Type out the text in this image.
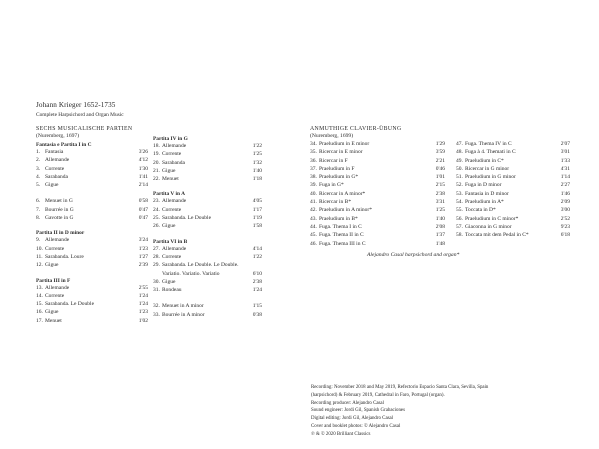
Johann Krieger 1652-1735
Complete Harpsichord and Organ Music
SECHS MUSICALISCHE PARTIEN
(Nuremberg, 1697)
Fantasia e Partita I in C
1. Fantasia	3'26
2. Allemande	4'12
3. Corrente	1'30
4. Sarabanda	1'41
5. Gigue	2'14
6. Menuet in G	0'58
7. Bourrée in G	0'47
8. Gavotte in G	0'47
Partita II in D minor
9. Allemande	3'24
10. Corrente	1'23
11. Sarabanda. Loure	1'27
12. Gigue	2'39
Partita III in F
13. Allemande	2'55
14. Corrente	1'24
15. Sarabanda. Le Double	1'24
16. Gigue	1'23
17. Menuet	1'02
Partita IV in G
18. Allemande	1'22
19. Corrente	1'25
20. Sarabanda	1'32
21. Gigue	1'40
22. Menuet	1'18
Partita V in A
23. Allemande	4'05
24. Corrente	1'17
25. Sarabanda. Le Double	1'19
26. Gigue	1'58
Partita VI in B
27. Allemande	4'14
28. Corrente	1'22
29. Sarabanda. Le Double. Le Double.
Variatio. Variatio. Variatio	6'10
30. Gigue	2'38
31. Rondeau	1'24
32. Menuet in A minor	1'15
33. Bourrée in A minor	0'38
ANMUTHIGE CLAVIER-ÜBUNG
(Nuremberg, 1699)
34. Praeludium in E minor	1'29
35. Ricercar in E minor	3'59
36. Ricercar in F	2'21
37. Praeludium in F	0'46
38. Praeludium in G*	1'01
39. Fuga in G*	2'15
40. Ricercar in A minor*	2'38
41. Ricercar in B*	3'31
42. Praeludium in A minor*	1'25
43. Praeludium in B*	1'40
44. Fuga. Thema I in C	2'08
45. Fuga. Thema II in C	1'37
46. Fuga. Thema III in C	1'48
47. Fuga. Thema IV in C	2'07
48. Fuga à 4. Themati in C	3'01
49. Praeludium in C*	1'33
50. Ricercar in G minor	4'31
51. Praeludium in G minor	1'14
52. Fuga in D minor	2'27
53. Fantasia in D minor	1'46
54. Praeludium in A*	2'09
55. Toccata in D*	3'00
56. Praeludium in C minor*	2'52
57. Giaconna in G minor	9'23
58. Toccata mit dem Pedal in C*	6'18
Alejandro Casal harpsichord and organ*
Recording: November 2018 and May 2019, Refectorio Espacio Santa Clara, Sevilla, Spain
(harpsichord) & February 2019, Cathedral in Faro, Portugal (organ).
Recording producer: Alejandro Casal
Sound engineer: Jordi Gil, Spanish Grabaciones
Digital editing: Jordi Gil, Alejandro Casal
Cover and booklet photos: © Alejandro Casal
℗ & © 2020 Brilliant Classics
